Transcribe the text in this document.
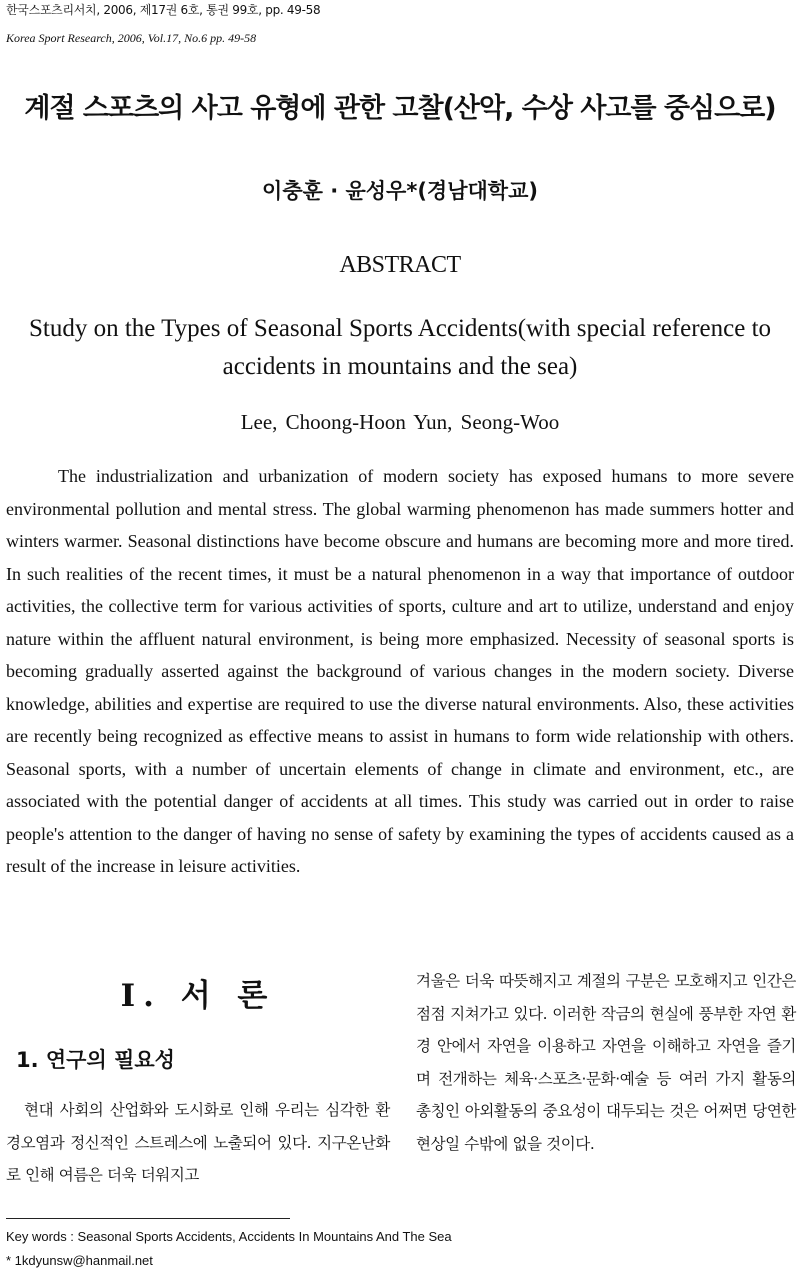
한국스포츠리서치, 2006, 제17권 6호, 통권 99호, pp. 49-58
Korea Sport Research, 2006, Vol.17, No.6 pp. 49-58
계절 스포츠의 사고 유형에 관한 고찰(산악, 수상 사고를 중심으로)
이충훈 · 윤성우*(경남대학교)
ABSTRACT
Study on the Types of Seasonal Sports Accidents(with special reference to accidents in mountains and the sea)
Lee, Choong-Hoon Yun, Seong-Woo

The industrialization and urbanization of modern society has exposed humans to more severe environmental pollution and mental stress. The global warming phenomenon has made summers hotter and winters warmer. Seasonal distinctions have become obscure and humans are becoming more and more tired. In such realities of the recent times, it must be a natural phenomenon in a way that importance of outdoor activities, the collective term for various activities of sports, culture and art to utilize, understand and enjoy nature within the affluent natural environment, is being more emphasized. Necessity of seasonal sports is becoming gradually asserted against the background of various changes in the modern society. Diverse knowledge, abilities and expertise are required to use the diverse natural environments. Also, these activities are recently being recognized as effective means to assist in humans to form wide relationship with others. Seasonal sports, with a number of uncertain elements of change in climate and environment, etc., are associated with the potential danger of accidents at all times. This study was carried out in order to raise people's attention to the danger of having no sense of safety by examining the types of accidents caused as a result of the increase in leisure activities.

Ⅰ. 서 론
1. 연구의 필요성

현대 사회의 산업화와 도시화로 인해 우리는 심각한 환경오염과 정신적인 스트레스에 노출되어 있다. 지구온난화로 인해 여름은 더욱 더워지고

겨울은 더욱 따뜻해지고 계절의 구분은 모호해지고 인간은 점점 지쳐가고 있다. 이러한 작금의 현실에 풍부한 자연 환경 안에서 자연을 이용하고 자연을 이해하고 자연을 즐기며 전개하는 체육·스포츠·문화·예술 등 여러 가지 활동의 총칭인 아외활동의 중요성이 대두되는 것은 어쩌면 당연한 현상일 수밖에 없을 것이다.

Key words : Seasonal Sports Accidents, Accidents In Mountains And The Sea
* 1kdyunsw@hanmail.net
